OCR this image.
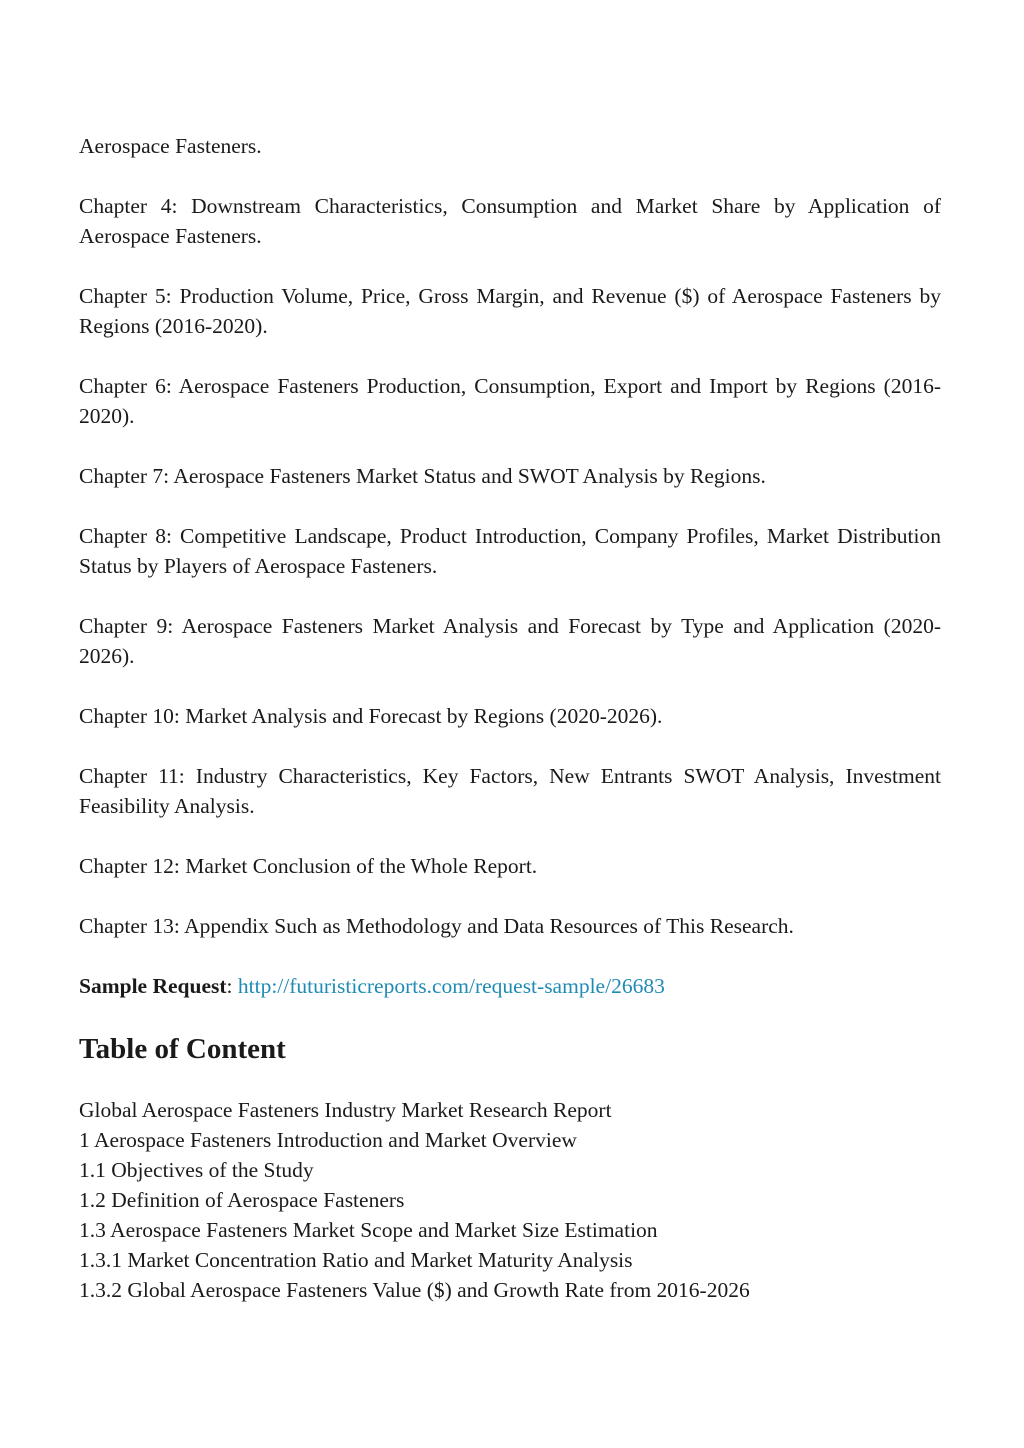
Aerospace Fasteners.

Chapter 4: Downstream Characteristics, Consumption and Market Share by Application of Aerospace Fasteners.

Chapter 5: Production Volume, Price, Gross Margin, and Revenue ($) of Aerospace Fasteners by Regions (2016-2020).

Chapter 6: Aerospace Fasteners Production, Consumption, Export and Import by Regions (2016-2020).

Chapter 7: Aerospace Fasteners Market Status and SWOT Analysis by Regions.

Chapter 8: Competitive Landscape, Product Introduction, Company Profiles, Market Distribution Status by Players of Aerospace Fasteners.

Chapter 9: Aerospace Fasteners Market Analysis and Forecast by Type and Application (2020-2026).

Chapter 10: Market Analysis and Forecast by Regions (2020-2026).

Chapter 11: Industry Characteristics, Key Factors, New Entrants SWOT Analysis, Investment Feasibility Analysis.

Chapter 12: Market Conclusion of the Whole Report.

Chapter 13: Appendix Such as Methodology and Data Resources of This Research.

Sample Request: http://futuristicreports.com/request-sample/26683

Table of Content
Global Aerospace Fasteners Industry Market Research Report
1 Aerospace Fasteners Introduction and Market Overview
1.1 Objectives of the Study
1.2 Definition of Aerospace Fasteners
1.3 Aerospace Fasteners Market Scope and Market Size Estimation
1.3.1 Market Concentration Ratio and Market Maturity Analysis
1.3.2 Global Aerospace Fasteners Value ($) and Growth Rate from 2016-2026
